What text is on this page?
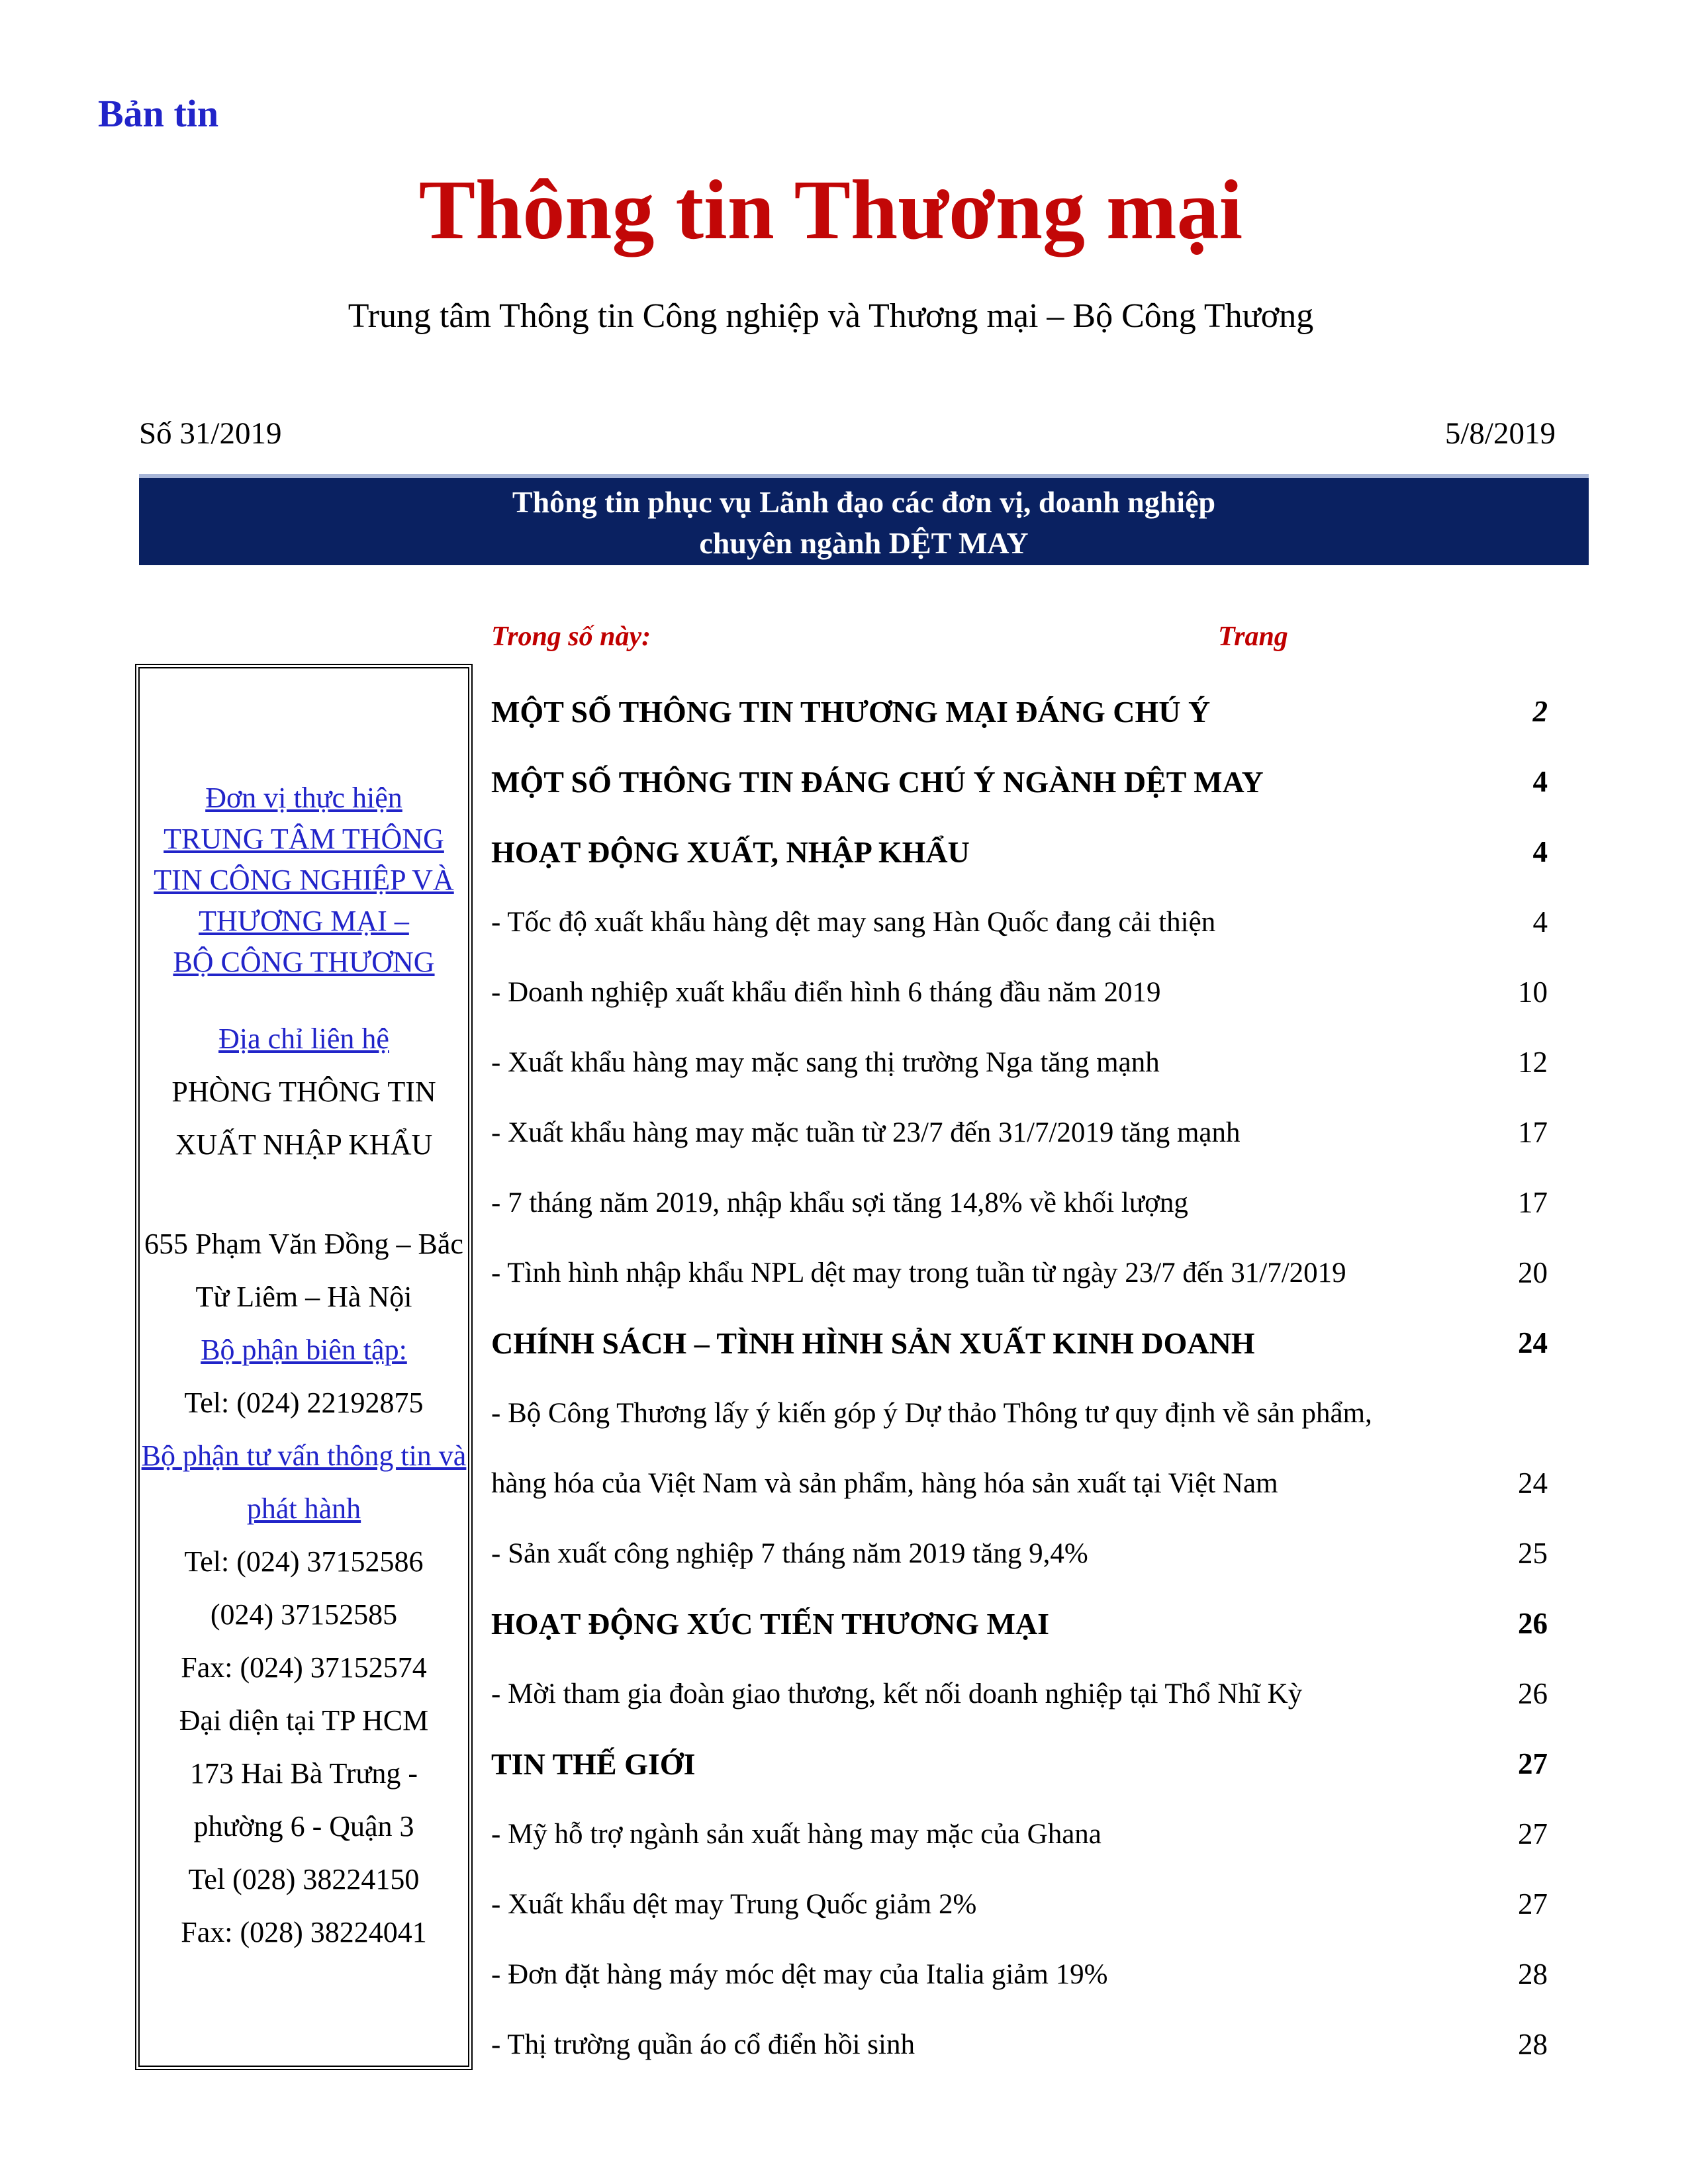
Bản tin
Thông tin Thương mại
Trung tâm Thông tin Công nghiệp và Thương mại – Bộ Công Thương
Số 31/2019	5/8/2019
Thông tin phục vụ Lãnh đạo các đơn vị, doanh nghiệp
chuyên ngành DỆT MAY
Trong số này:	Trang
Đơn vị thực hiện
TRUNG TÂM THÔNG
TIN CÔNG NGHIỆP VÀ
THƯƠNG MẠI –
BỘ CÔNG THƯƠNG
Địa chỉ liên hệ
PHÒNG THÔNG TIN
XUẤT NHẬP KHẨU
655 Phạm Văn Đồng – Bắc
Từ Liêm – Hà Nội
Bộ phận biên tập:
Tel: (024) 22192875
Bộ phận tư vấn thông tin và
phát hành
Tel: (024) 37152586
(024) 37152585
Fax: (024) 37152574
Đại diện tại TP HCM
173 Hai Bà Trưng -
phường 6 - Quận 3
Tel (028) 38224150
Fax: (028) 38224041
MỘT SỐ THÔNG TIN THƯƠNG MẠI ĐÁNG CHÚ Ý	2
MỘT SỐ THÔNG TIN ĐÁNG CHÚ Ý NGÀNH DỆT MAY	4
HOẠT ĐỘNG XUẤT, NHẬP KHẨU	4
- Tốc độ xuất khẩu hàng dệt may sang Hàn Quốc đang cải thiện	4
- Doanh nghiệp xuất khẩu điển hình 6 tháng đầu năm 2019	10
- Xuất khẩu hàng may mặc sang thị trường Nga tăng mạnh	12
- Xuất khẩu hàng may mặc tuần từ 23/7 đến 31/7/2019 tăng mạnh	17
- 7 tháng năm 2019, nhập khẩu sợi tăng 14,8% về khối lượng	17
- Tình hình nhập khẩu NPL dệt may trong tuần từ ngày 23/7 đến 31/7/2019	20
CHÍNH SÁCH – TÌNH HÌNH SẢN XUẤT KINH DOANH	24
- Bộ Công Thương lấy ý kiến góp ý Dự thảo Thông tư quy định về sản phẩm,
hàng hóa của Việt Nam và sản phẩm, hàng hóa sản xuất tại Việt Nam	24
- Sản xuất công nghiệp 7 tháng năm 2019 tăng 9,4%	25
HOẠT ĐỘNG XÚC TIẾN THƯƠNG MẠI	26
- Mời tham gia đoàn giao thương, kết nối doanh nghiệp tại Thổ Nhĩ Kỳ	26
TIN THẾ GIỚI	27
- Mỹ hỗ trợ ngành sản xuất hàng may mặc của Ghana	27
- Xuất khẩu dệt may Trung Quốc giảm 2%	27
- Đơn đặt hàng máy móc dệt may của Italia giảm 19%	28
- Thị trường quần áo cổ điển hồi sinh	28
